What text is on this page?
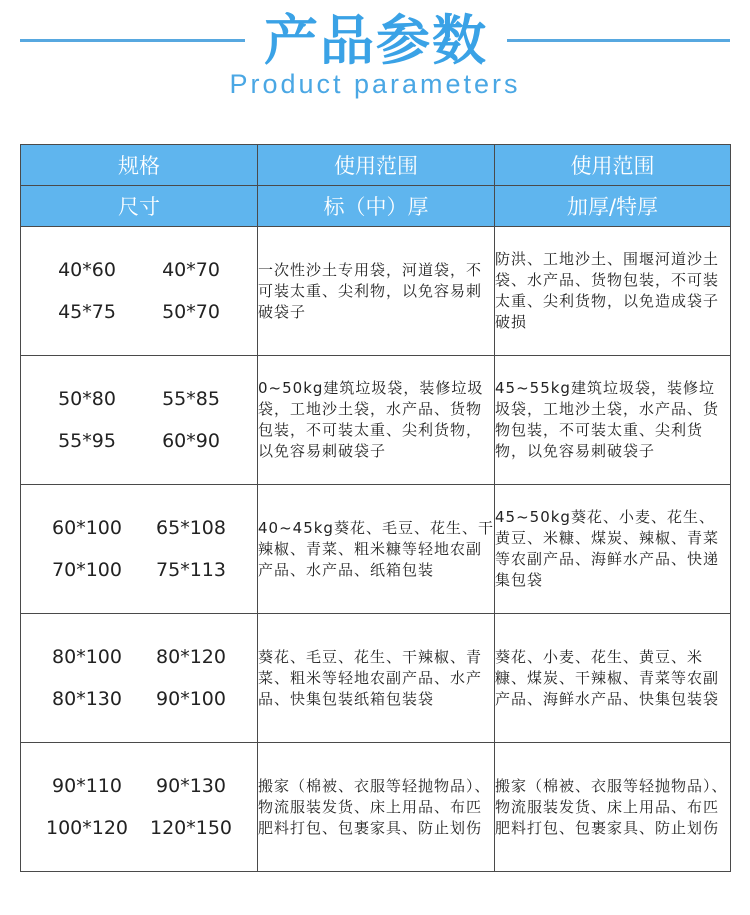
产品参数
Product parameters
规格	使用范围	使用范围
尺寸	标（中）厚	加厚/特厚

40*60 40*70
45*75 50*70	一次性沙土专用袋，河道袋，不可装太重、尖利物，以免容易刺破袋子	防洪、工地沙土、围堰河道沙土袋、水产品、货物包装，不可装太重、尖利货物，以免造成袋子破损

50*80 55*85
55*95 60*90	0~50kg建筑垃圾袋，装修垃圾袋，工地沙土袋，水产品、货物包装，不可装太重、尖利货物，以免容易刺破袋子	45~55kg建筑垃圾袋，装修垃圾袋，工地沙土袋，水产品、货物包装，不可装太重、尖利货物，以免容易刺破袋子

60*100 65*108
70*100 75*113	40~45kg葵花、毛豆、花生、干辣椒、青菜、粗米糠等轻地农副产品、水产品、纸箱包装	45~50kg葵花、小麦、花生、黄豆、米糠、煤炭、辣椒、青菜等农副产品、海鲜水产品、快递集包袋

80*100 80*120
80*130 90*100	葵花、毛豆、花生、干辣椒、青菜、粗米等轻地农副产品、水产品、快集包装纸箱包装袋	葵花、小麦、花生、黄豆、米糠、煤炭、干辣椒、青菜等农副产品、海鲜水产品、快集包装袋

90*110 90*130
100*120 120*150	搬家（棉被、衣服等轻抛物品）、物流服装发货、床上用品、布匹肥料打包、包裹家具、防止划伤	搬家（棉被、衣服等轻抛物品）、物流服装发货、床上用品、布匹肥料打包、包裹家具、防止划伤
